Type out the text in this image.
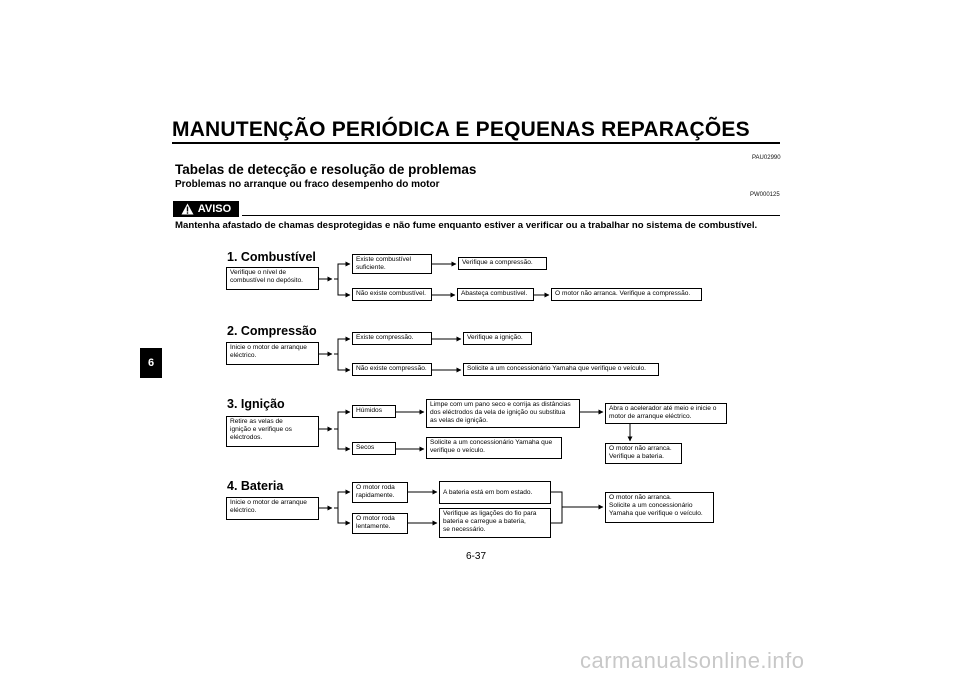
MANUTENÇÃO PERIÓDICA E PEQUENAS REPARAÇÕES
PAU02990
Tabelas de detecção e resolução de problemas
Problemas no arranque ou fraco desempenho do motor
PW000125
AVISO
Mantenha afastado de chamas desprotegidas e não fume enquanto estiver a verificar ou a trabalhar no sistema de combustível.
6
1. Combustível
Verifique o nível de
combustível no depósito.
Existe combustível
suficiente.
Verifique a compressão.
Não existe combustível.	Abasteça combustível.	O motor não arranca. Verifique a compressão.
2. Compressão
Inicie o motor de arranque
eléctrico.
Existe compressão.	Verifique a ignição.
Não existe compressão.	Solicite a um concessionário Yamaha que verifique o veículo.
3. Ignição
Retire as velas de
ignição e verifique os
eléctrodos.
Húmidos
Limpe com um pano seco e corrija as distâncias
dos eléctrodos da vela de ignição ou substitua
as velas de ignição.
Abra o acelerador até meio e inicie o
motor de arranque eléctrico.
O motor não arranca.
Verifique a bateria.
Secos
Solicite a um concessionário Yamaha que
verifique o veículo.
4. Bateria
Inicie o motor de arranque
eléctrico.
O motor roda
rapidamente.	A bateria está em bom estado.
O motor roda
lentamente.
Verifique as ligações do fio para
bateria e carregue a bateria,
se necessário.
O motor não arranca.
Solicite a um concessionário
Yamaha que verifique o veículo.
6-37
carmanualsonline.info
